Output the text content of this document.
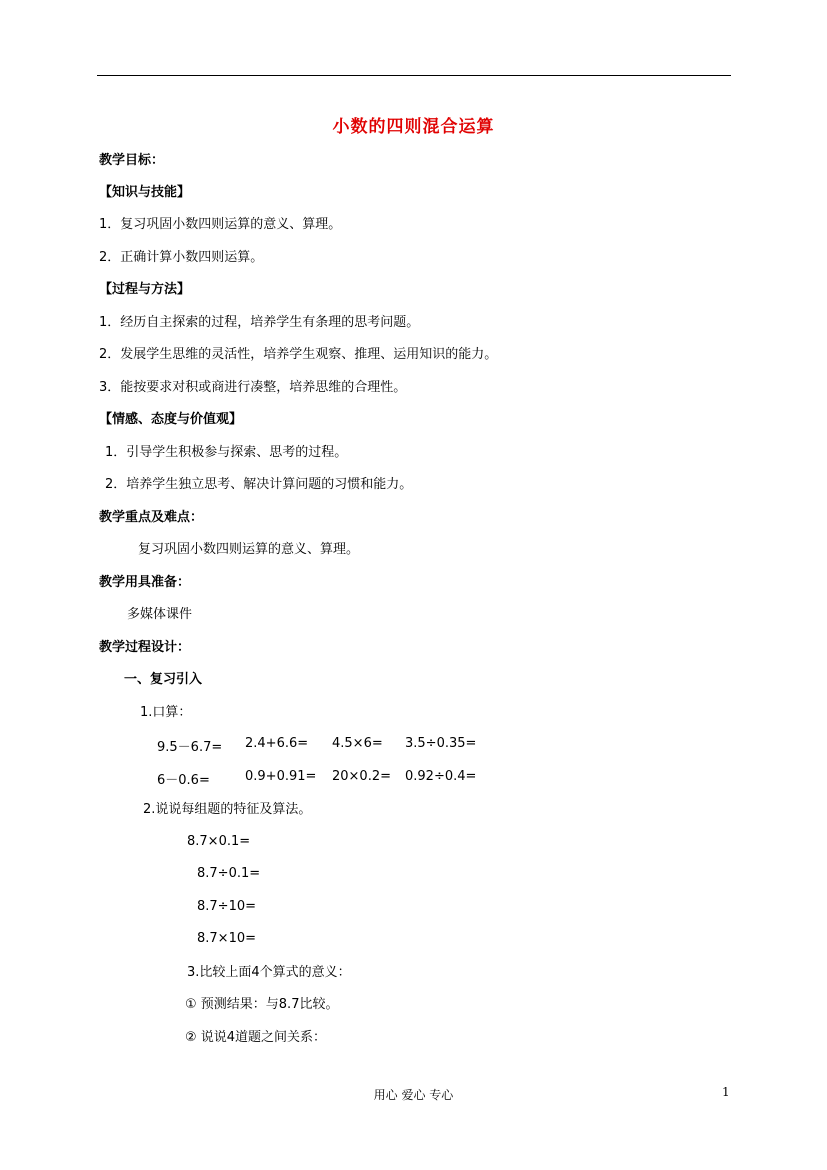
小数的四则混合运算
教学目标：
【知识与技能】
1．复习巩固小数四则运算的意义、算理。
2．正确计算小数四则运算。
【过程与方法】
1．经历自主探索的过程，培养学生有条理的思考问题。
2．发展学生思维的灵活性，培养学生观察、推理、运用知识的能力。
3．能按要求对积或商进行凑整，培养思维的合理性。
【情感、态度与价值观】
1．引导学生积极参与探索、思考的过程。
2．培养学生独立思考、解决计算问题的习惯和能力。
教学重点及难点：
复习巩固小数四则运算的意义、算理。
教学用具准备：
多媒体课件
教学过程设计：
一、复习引入
1.口算：
9.5－6.7= 2.4+6.6= 4.5×6= 3.5÷0.35=
6－0.6=	0.9+0.91= 20×0.2= 0.92÷0.4=
2.说说每组题的特征及算法。
8.7×0.1=
8.7÷0.1=
8.7÷10=
8.7×10=
3.比较上面4个算式的意义：
① 预测结果：与8.7比较。
② 说说4道题之间关系：
用心 爱心 专心	1
